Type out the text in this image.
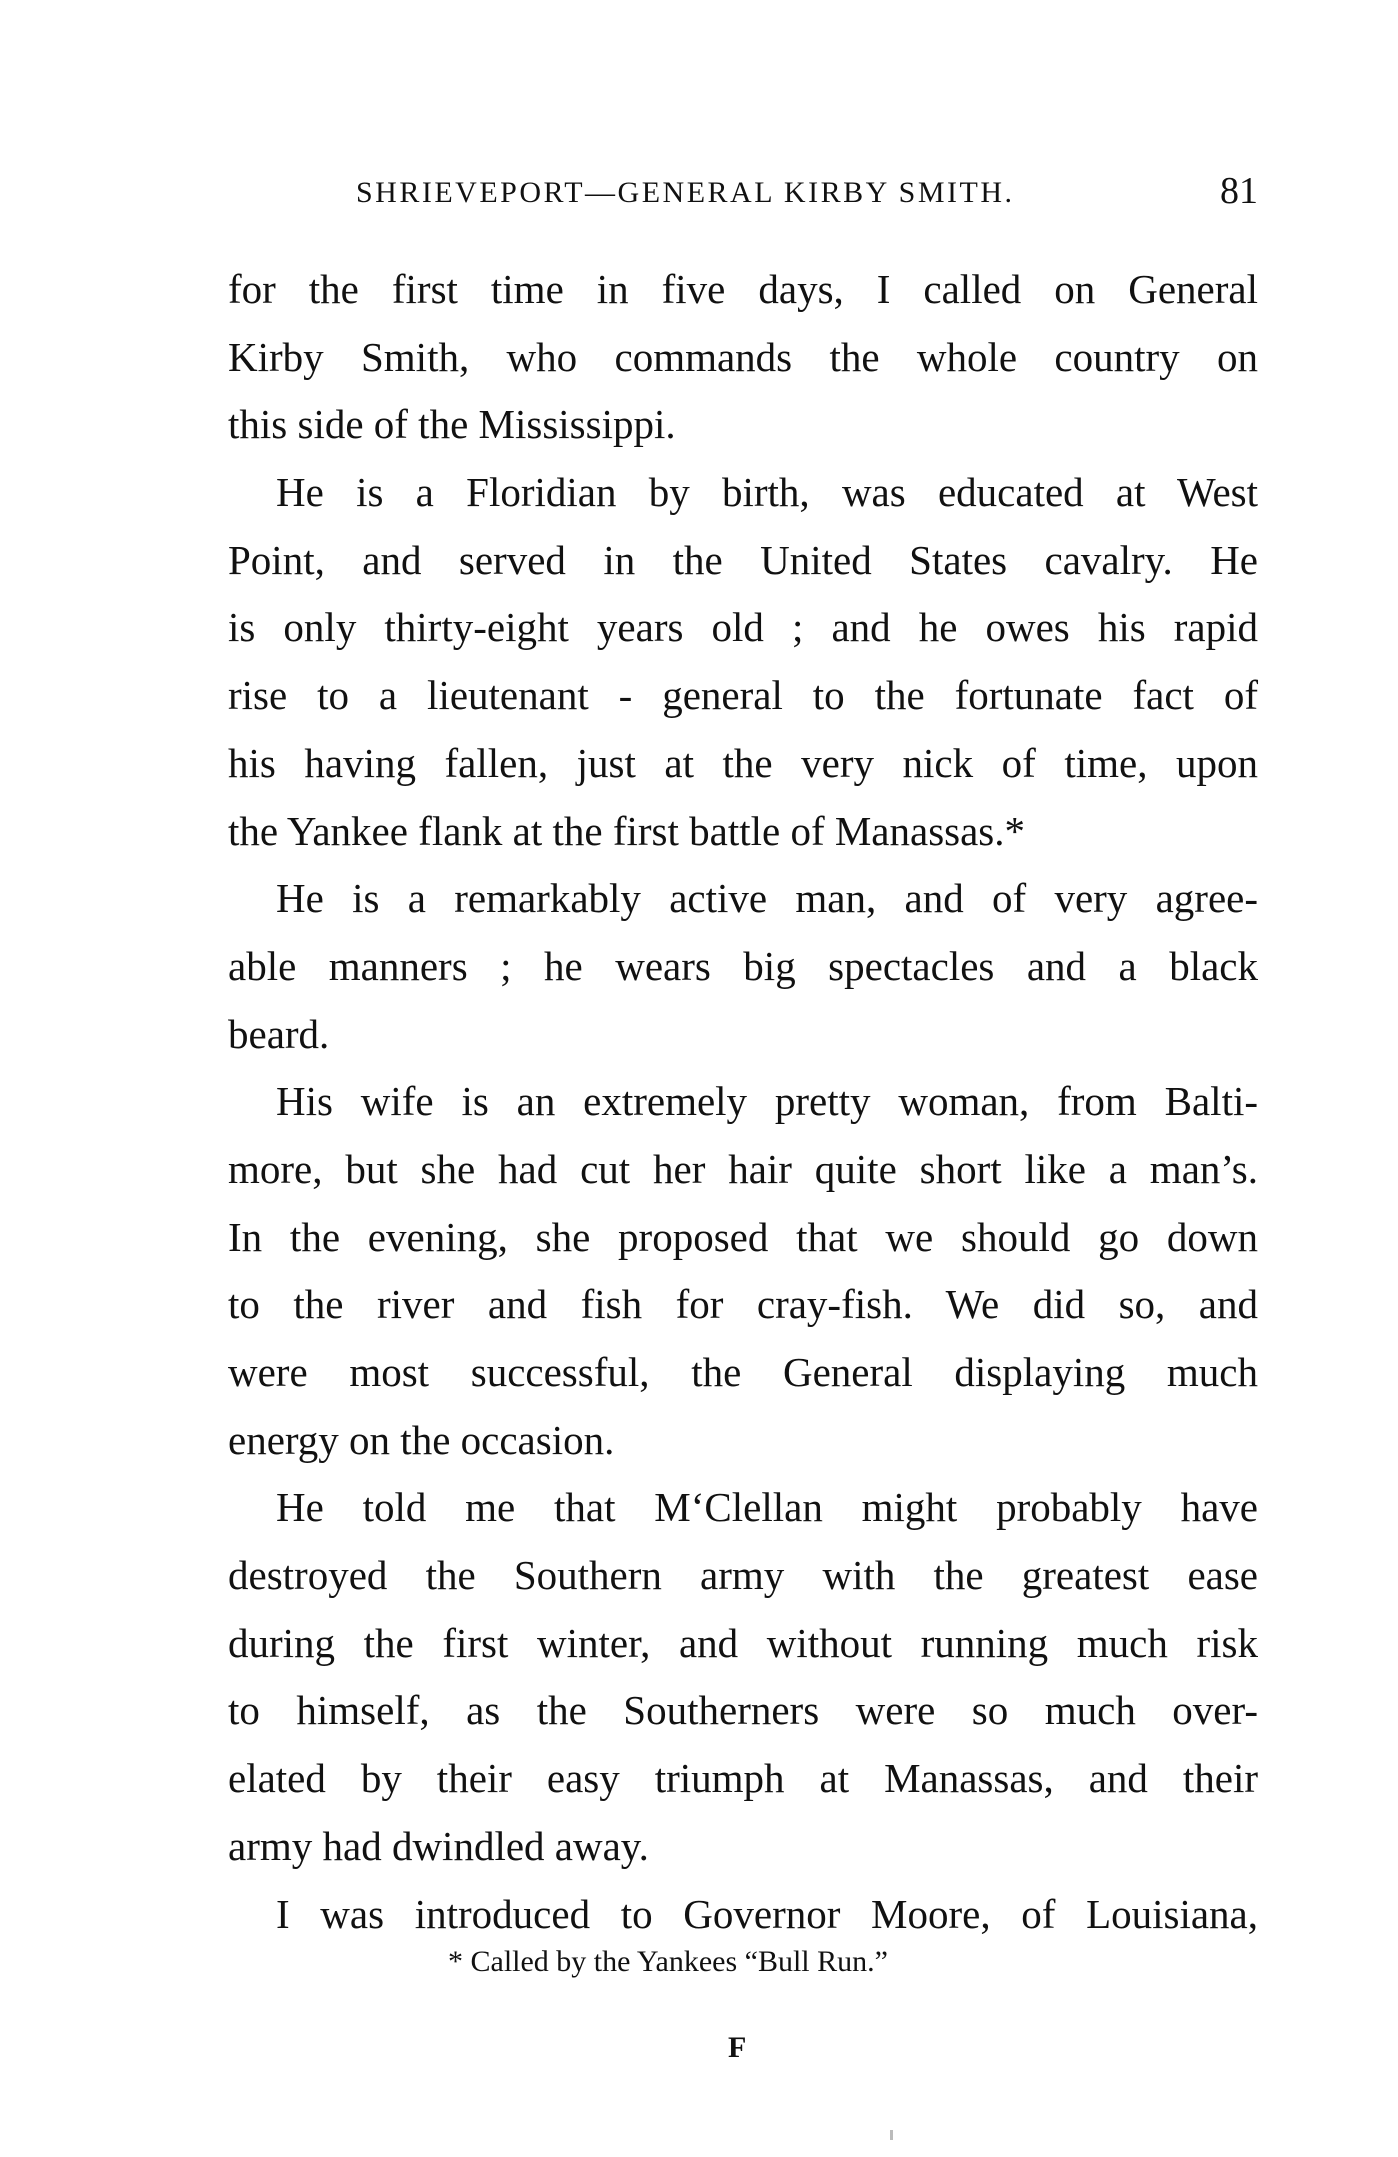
SHRIEVEPORT—GENERAL KIRBY SMITH.	81
for the first time in five days, I called on General
Kirby Smith, who commands the whole country on
this side of the Mississippi.
He is a Floridian by birth, was educated at West
Point, and served in the United States cavalry. He
is only thirty-eight years old ; and he owes his rapid
rise to a lieutenant - general to the fortunate fact of
his having fallen, just at the very nick of time, upon
the Yankee flank at the first battle of Manassas.*
He is a remarkably active man, and of very agree-
able manners ; he wears big spectacles and a black
beard.
His wife is an extremely pretty woman, from Balti-
more, but she had cut her hair quite short like a man’s.
In the evening, she proposed that we should go down
to the river and fish for cray-fish. We did so, and
were most successful, the General displaying much
energy on the occasion.
He told me that M‘Clellan might probably have
destroyed the Southern army with the greatest ease
during the first winter, and without running much risk
to himself, as the Southerners were so much over-
elated by their easy triumph at Manassas, and their
army had dwindled away.
I was introduced to Governor Moore, of Louisiana,
* Called by the Yankees “Bull Run.”
F
